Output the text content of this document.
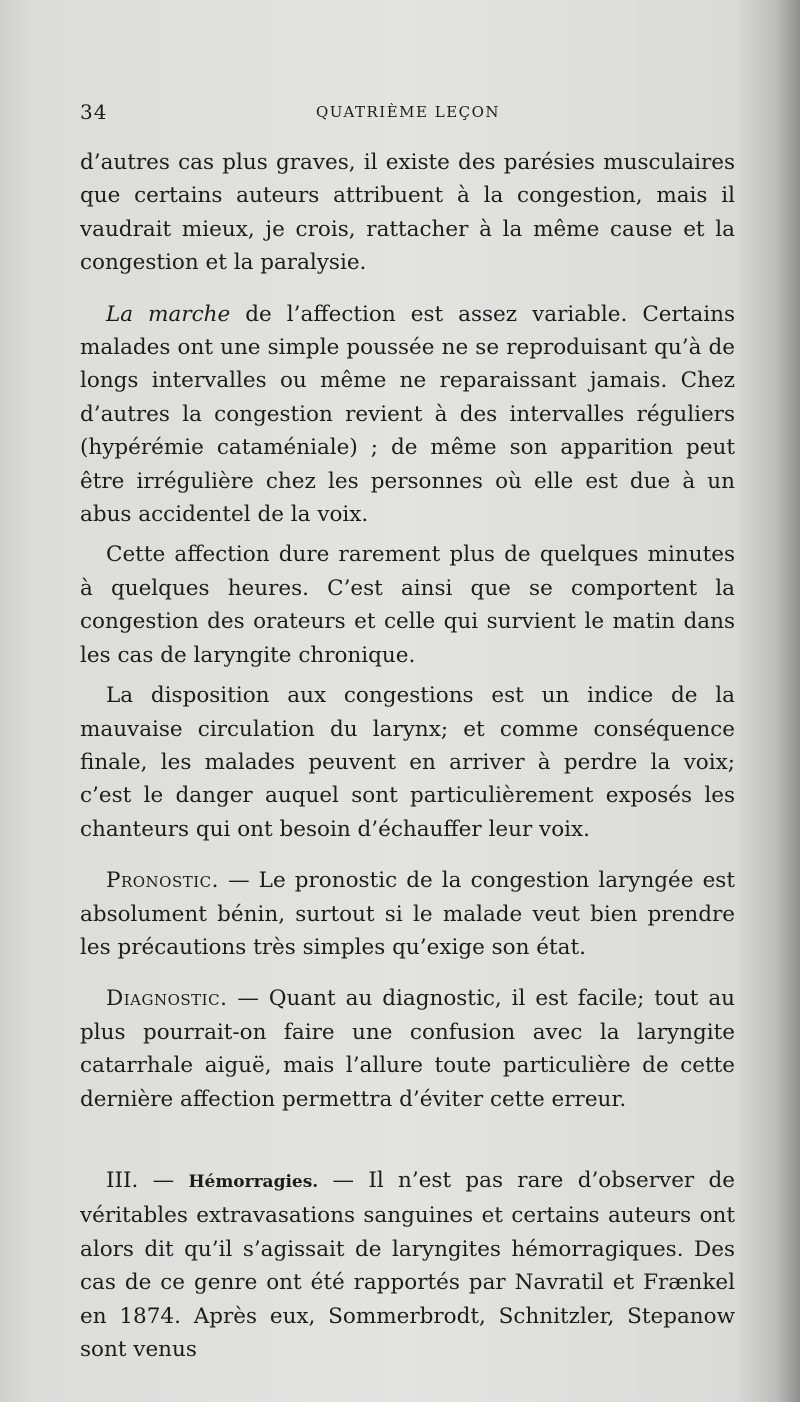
34	QUATRIÈME LEÇON

d’autres cas plus graves, il existe des parésies musculaires que certains auteurs attribuent à la congestion, mais il vaudrait mieux, je crois, rattacher à la même cause et la congestion et la paralysie.

La marche de l’affection est assez variable. Certains malades ont une simple poussée ne se reproduisant qu’à de longs intervalles ou même ne reparaissant jamais. Chez d’autres la congestion revient à des intervalles réguliers (hypérémie cataméniale) ; de même son apparition peut être irrégulière chez les personnes où elle est due à un abus accidentel de la voix.

Cette affection dure rarement plus de quelques minutes à quelques heures. C’est ainsi que se comportent la congestion des orateurs et celle qui survient le matin dans les cas de laryngite chronique.

La disposition aux congestions est un indice de la mauvaise circulation du larynx; et comme conséquence finale, les malades peuvent en arriver à perdre la voix; c’est le danger auquel sont particulièrement exposés les chanteurs qui ont besoin d’échauffer leur voix.

Pronostic. — Le pronostic de la congestion laryngée est absolument bénin, surtout si le malade veut bien prendre les précautions très simples qu’exige son état.

Diagnostic. — Quant au diagnostic, il est facile; tout au plus pourrait-on faire une confusion avec la laryngite catarrhale aiguë, mais l’allure toute particulière de cette dernière affection permettra d’éviter cette erreur.

III. — Hémorragies. — Il n’est pas rare d’observer de véritables extravasations sanguines et certains auteurs ont alors dit qu’il s’agissait de laryngites hémorragiques. Des cas de ce genre ont été rapportés par Navratil et Frænkel en 1874. Après eux, Sommerbrodt, Schnitzler, Stepanow sont venus
